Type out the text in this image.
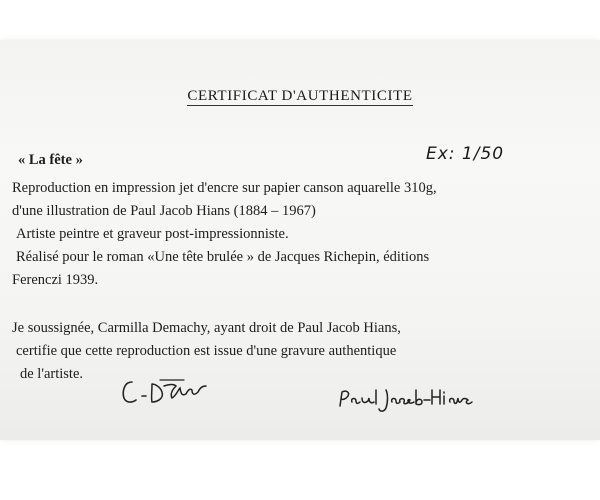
CERTIFICAT D'AUTHENTICITE
« La fête »	Ex: 1/50
Reproduction en impression jet d'encre sur papier canson aquarelle 310g,
d'une illustration de Paul Jacob Hians (1884 – 1967)
Artiste peintre et graveur post-impressionniste.
Réalisé pour le roman «Une tête brulée » de Jacques Richepin, éditions
Ferenczi 1939.
Je soussignée, Carmilla Demachy, ayant droit de Paul Jacob Hians,
certifie que cette reproduction est issue d'une gravure authentique
de l'artiste.
